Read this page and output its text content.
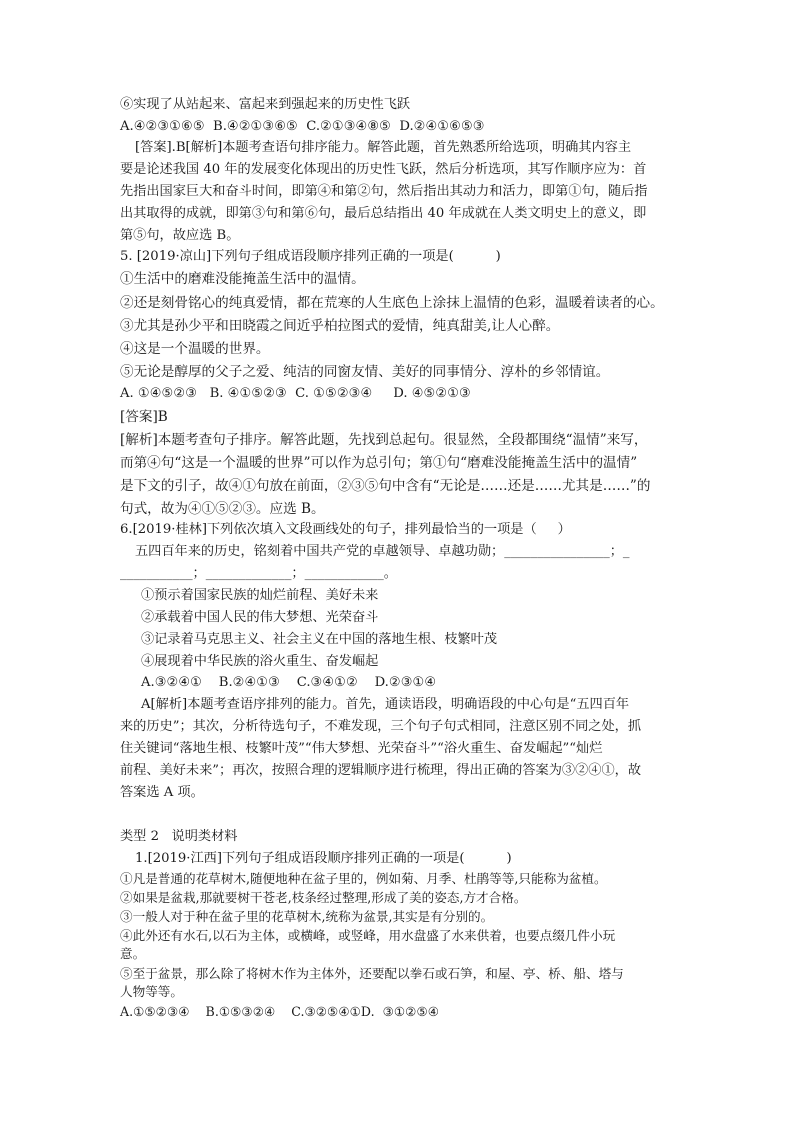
⑥实现了从站起来、富起来到强起来的历史性飞跃
A.④②③①⑥⑤  B.④②①③⑥⑤  C.②①③④⑧⑤  D.②④①⑥⑤③
[答案].B[解析]本题考查语句排序能力。解答此题，首先熟悉所给选项，明确其内容主
要是论述我国 40 年的发展变化体现出的历史性飞跃，然后分析选项，其写作顺序应为：首
先指出国家巨大和奋斗时间，即第④和第②句，然后指出其动力和活力，即第①句，随后指
出其取得的成就，即第③句和第⑥句，最后总结指出 40 年成就在人类文明史上的意义，即
第⑤句，故应选 B。
5. [2019·凉山]下列句子组成语段顺序排列正确的一项是(          )
①生活中的磨难没能掩盖生活中的温情。
②还是刻骨铭心的纯真爱情，都在荒寒的人生底色上涂抹上温情的色彩，温暖着读者的心。
③尤其是孙少平和田晓霞之间近乎柏拉图式的爱情，纯真甜美,让人心醉。
④这是一个温暖的世界。
⑤无论是醇厚的父子之爱、纯洁的同窗友情、美好的同事情分、淳朴的乡邻情谊。
A. ①④⑤②③   B. ④①⑤②③  C. ①⑤②③④     D. ④⑤②①③
[答案]B
[解析]本题考查句子排序。解答此题，先找到总起句。很显然，全段都围绕“温情”来写，
而第④句“这是一个温暖的世界”可以作为总引句；第①句“磨难没能掩盖生活中的温情”
是下文的引子，故④①句放在前面，②③⑤句中含有“无论是……还是……尤其是……”的
句式，故为④①⑤②③。应选 B。
6.[2019·桂林]下列依次填入文段画线处的句子，排列最恰当的一项是（     ）
五四百年来的历史，铭刻着中国共产党的卓越领导、卓越功勋；________________；_
___________；_____________；____________。
①预示着国家民族的灿烂前程、美好未来
②承载着中国人民的伟大梦想、光荣奋斗
③记录着马克思主义、社会主义在中国的落地生根、枝繁叶茂
④展现着中华民族的浴火重生、奋发崛起
A.③②④①    B.②④①③    C.③④①②    D.②③①④
A[解析]本题考查语序排列的能力。首先，通读语段，明确语段的中心句是“五四百年
来的历史”；其次，分析待选句子，不难发现，三个句子句式相同，注意区别不同之处，抓
住关键词“落地生根、枝繁叶茂”“伟大梦想、光荣奋斗”“浴火重生、奋发崛起”“灿烂
前程、美好未来”；再次，按照合理的逻辑顺序进行梳理，得出正确的答案为③②④①，故
答案选 A 项。
类型 2   说明类材料
1.[2019·江西]下列句子组成语段顺序排列正确的一项是(          )
①凡是普通的花草树木,随便地种在盆子里的，例如菊、月季、杜鹃等等,只能称为盆植。
②如果是盆栽,那就要树干苍老,枝条经过整理,形成了美的姿态,方才合格。
③一般人对于种在盆子里的花草树木,统称为盆景,其实是有分别的。
④此外还有水石,以石为主体，或横峰，或竖峰，用水盘盛了水来供着，也要点缀几件小玩
意。
⑤至于盆景，那么除了将树木作为主体外，还要配以拳石或石笋，和屋、亭、桥、船、塔与
人物等等。
A.①⑤②③④    B.①⑤③②④    C.③②⑤④①D.  ③①②⑤④
